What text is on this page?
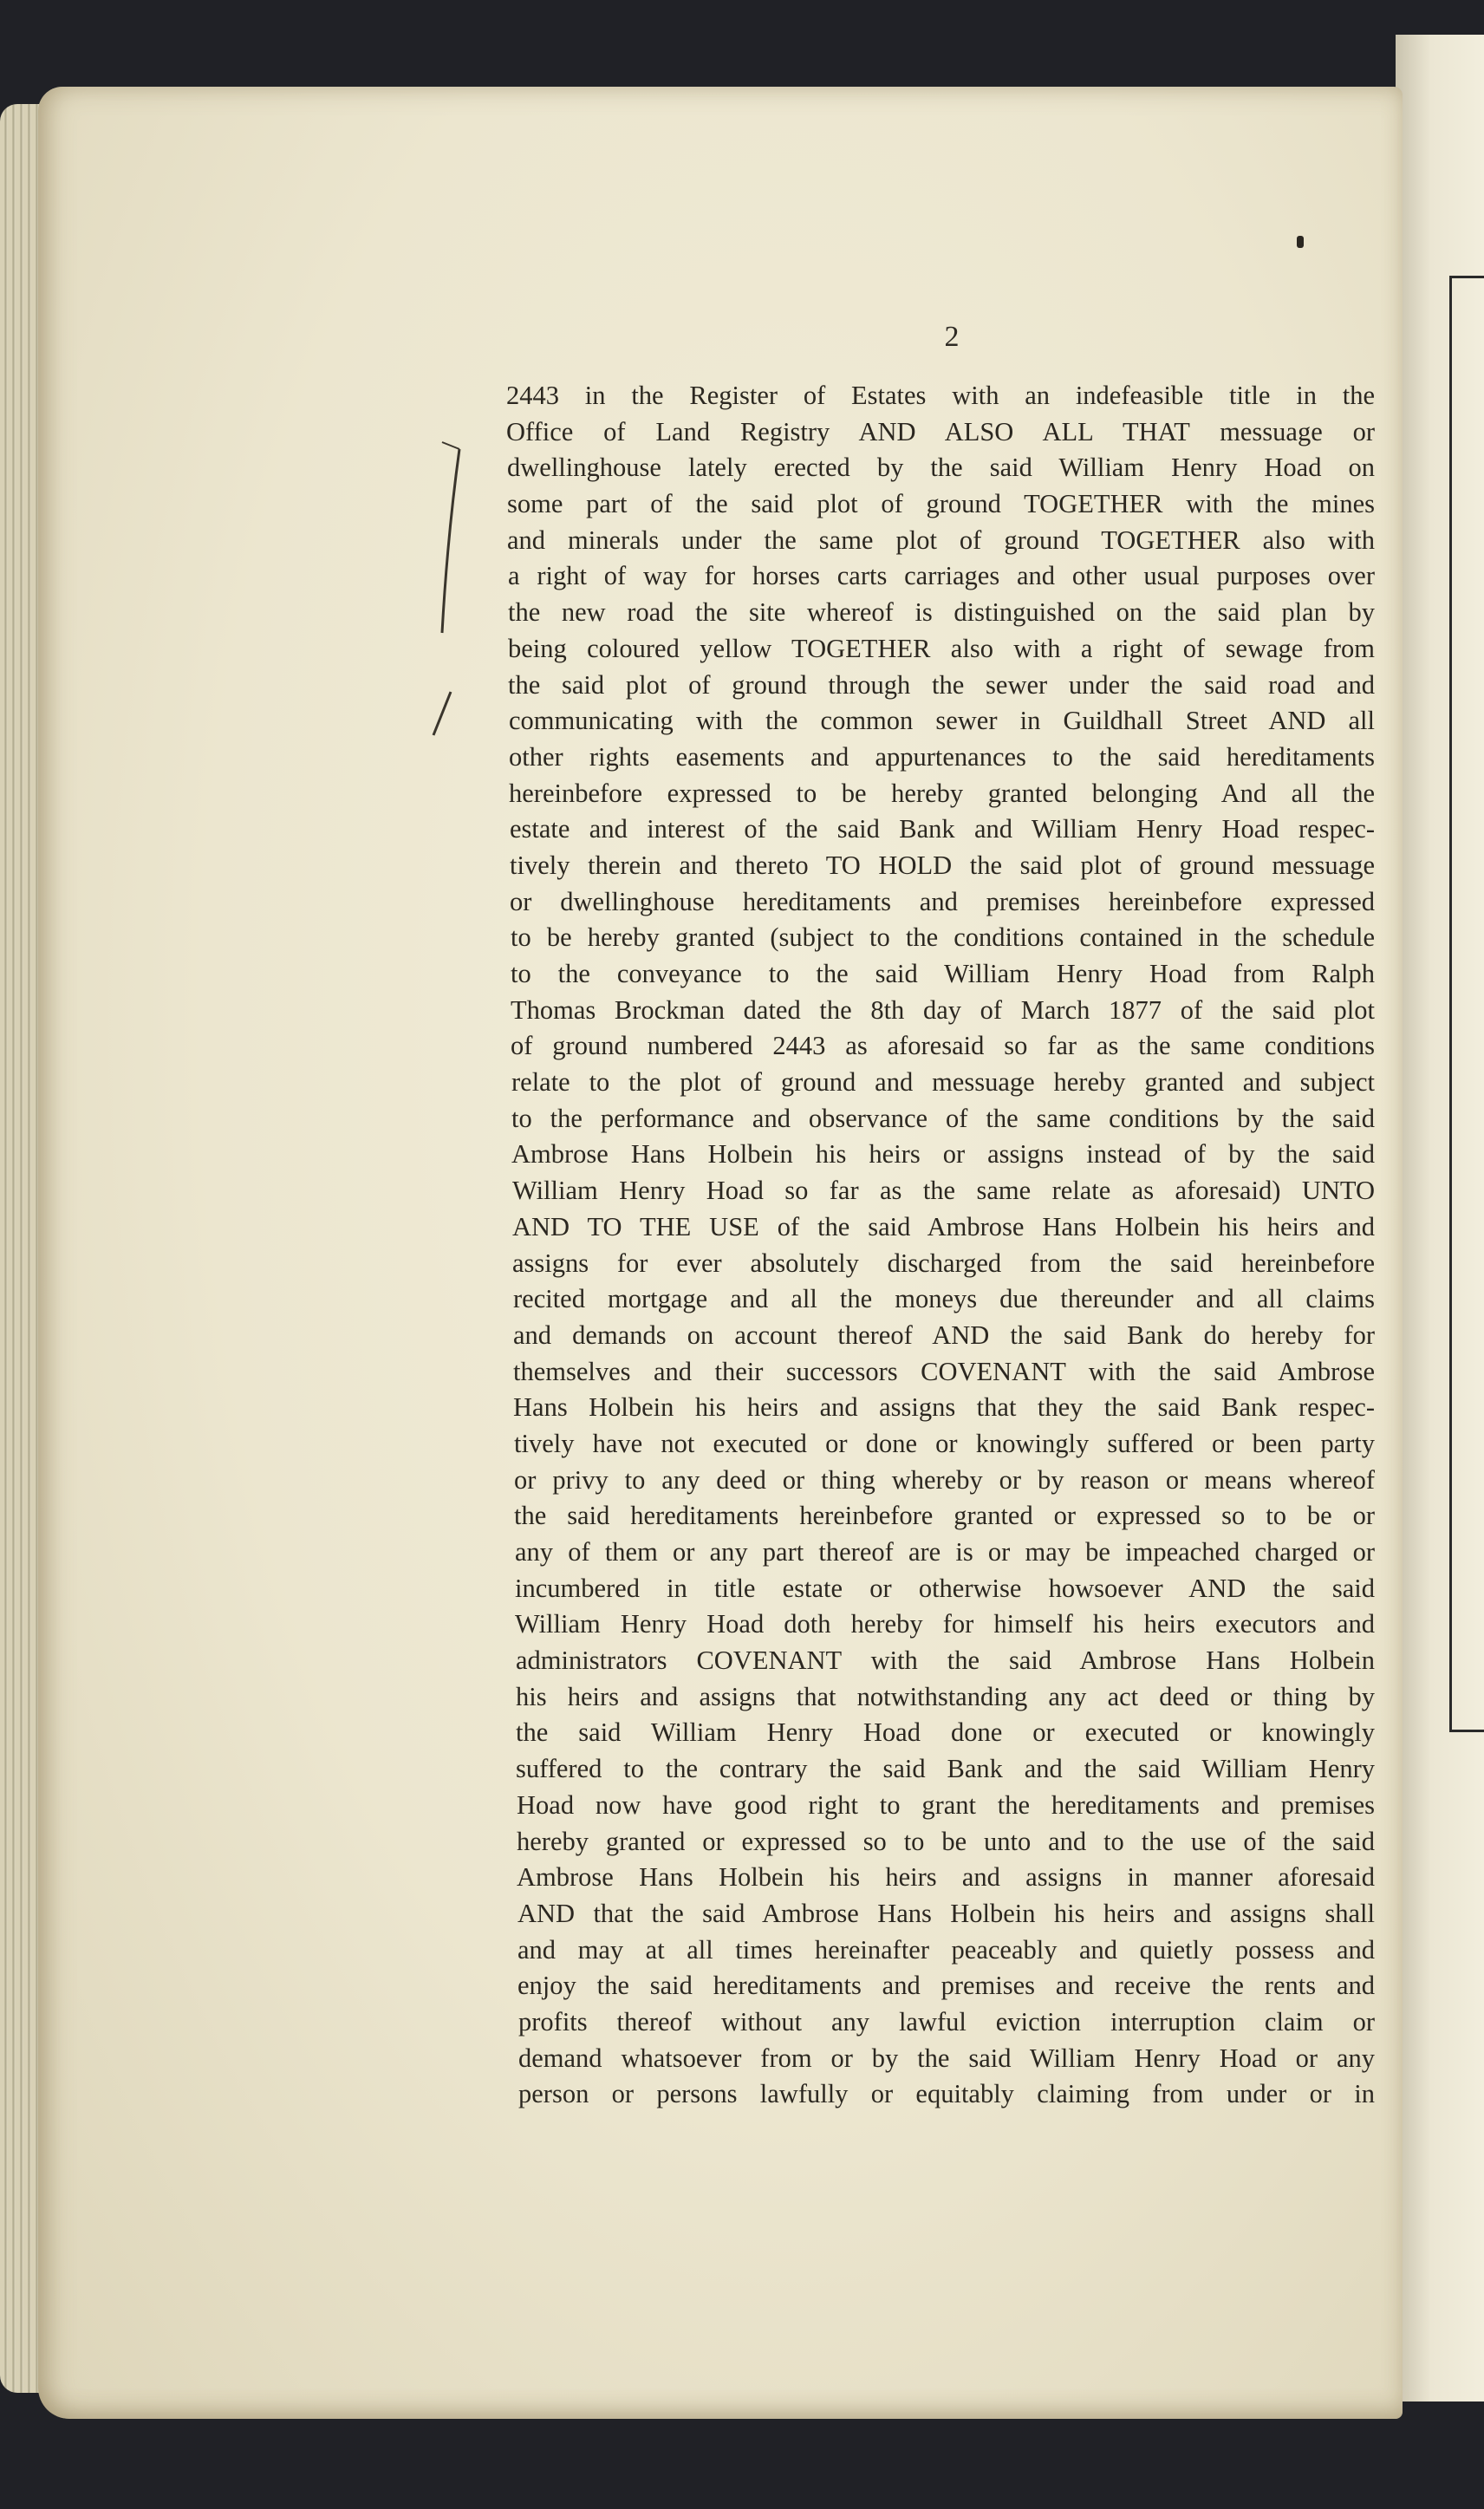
2
2443 in the Register of Estates with an indefeasible title in the
Office of Land Registry AND ALSO ALL THAT messuage or
dwellinghouse lately erected by the said William Henry Hoad on
some part of the said plot of ground TOGETHER with the mines
and minerals under the same plot of ground TOGETHER also with
a right of way for horses carts carriages and other usual purposes over
the new road the site whereof is distinguished on the said plan by
being coloured yellow TOGETHER also with a right of sewage from
the said plot of ground through the sewer under the said road and
communicating with the common sewer in Guildhall Street AND all
other rights easements and appurtenances to the said hereditaments
hereinbefore expressed to be hereby granted belonging And all the
estate and interest of the said Bank and William Henry Hoad respec-
tively therein and thereto TO HOLD the said plot of ground messuage
or dwellinghouse hereditaments and premises hereinbefore expressed
to be hereby granted (subject to the conditions contained in the schedule
to the conveyance to the said William Henry Hoad from Ralph
Thomas Brockman dated the 8th day of March 1877 of the said plot
of ground numbered 2443 as aforesaid so far as the same conditions
relate to the plot of ground and messuage hereby granted and subject
to the performance and observance of the same conditions by the said
Ambrose Hans Holbein his heirs or assigns instead of by the said
William Henry Hoad so far as the same relate as aforesaid) UNTO
AND TO THE USE of the said Ambrose Hans Holbein his heirs and
assigns for ever absolutely discharged from the said hereinbefore
recited mortgage and all the moneys due thereunder and all claims
and demands on account thereof AND the said Bank do hereby for
themselves and their successors COVENANT with the said Ambrose
Hans Holbein his heirs and assigns that they the said Bank respec-
tively have not executed or done or knowingly suffered or been party
or privy to any deed or thing whereby or by reason or means whereof
the said hereditaments hereinbefore granted or expressed so to be or
any of them or any part thereof are is or may be impeached charged or
incumbered in title estate or otherwise howsoever AND the said
William Henry Hoad doth hereby for himself his heirs executors and
administrators COVENANT with the said Ambrose Hans Holbein
his heirs and assigns that notwithstanding any act deed or thing by
the said William Henry Hoad done or executed or knowingly
suffered to the contrary the said Bank and the said William Henry
Hoad now have good right to grant the hereditaments and premises
hereby granted or expressed so to be unto and to the use of the said
Ambrose Hans Holbein his heirs and assigns in manner aforesaid
AND that the said Ambrose Hans Holbein his heirs and assigns shall
and may at all times hereinafter peaceably and quietly possess and
enjoy the said hereditaments and premises and receive the rents and
profits thereof without any lawful eviction interruption claim or
demand whatsoever from or by the said William Henry Hoad or any
person or persons lawfully or equitably claiming from under or in
